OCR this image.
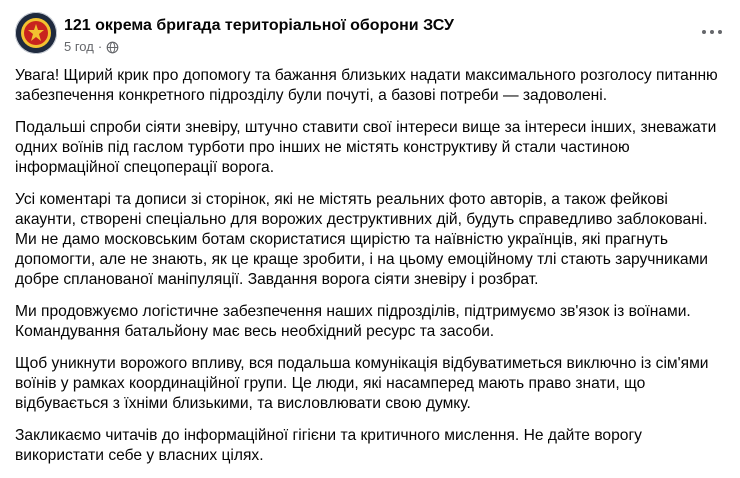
121 окрема бригада територіальної оборони ЗСУ
5 год ·

Увага! Щирий крик про допомогу та бажання близьких надати максимального розголосу питанню забезпечення конкретного підрозділу були почуті, а базові потреби — задоволені.

Подальші спроби сіяти зневіру, штучно ставити свої інтереси вище за інтереси інших, зневажати одних воїнів під гаслом турботи про інших не містять конструктиву й стали частиною інформаційної спецоперації ворога.

Усі коментарі та дописи зі сторінок, які не містять реальних фото авторів, а також фейкові акаунти, створені спеціально для ворожих деструктивних дій, будуть справедливо заблоковані. Ми не дамо московським ботам скористатися щирістю та наївністю українців, які прагнуть допомогти, але не знають, як це краще зробити, і на цьому емоційному тлі стають заручниками добре спланованої маніпуляції. Завдання ворога сіяти зневіру і розбрат.

Ми продовжуємо логістичне забезпечення наших підрозділів, підтримуємо зв'язок із воїнами. Командування батальйону має весь необхідний ресурс та засоби.

Щоб уникнути ворожого впливу, вся подальша комунікація відбуватиметься виключно із сім'ями воїнів у рамках координаційної групи. Це люди, які насамперед мають право знати, що відбувається з їхніми близькими, та висловлювати свою думку.

Закликаємо читачів до інформаційної гігієни та критичного мислення. Не дайте ворогу використати себе у власних цілях.
